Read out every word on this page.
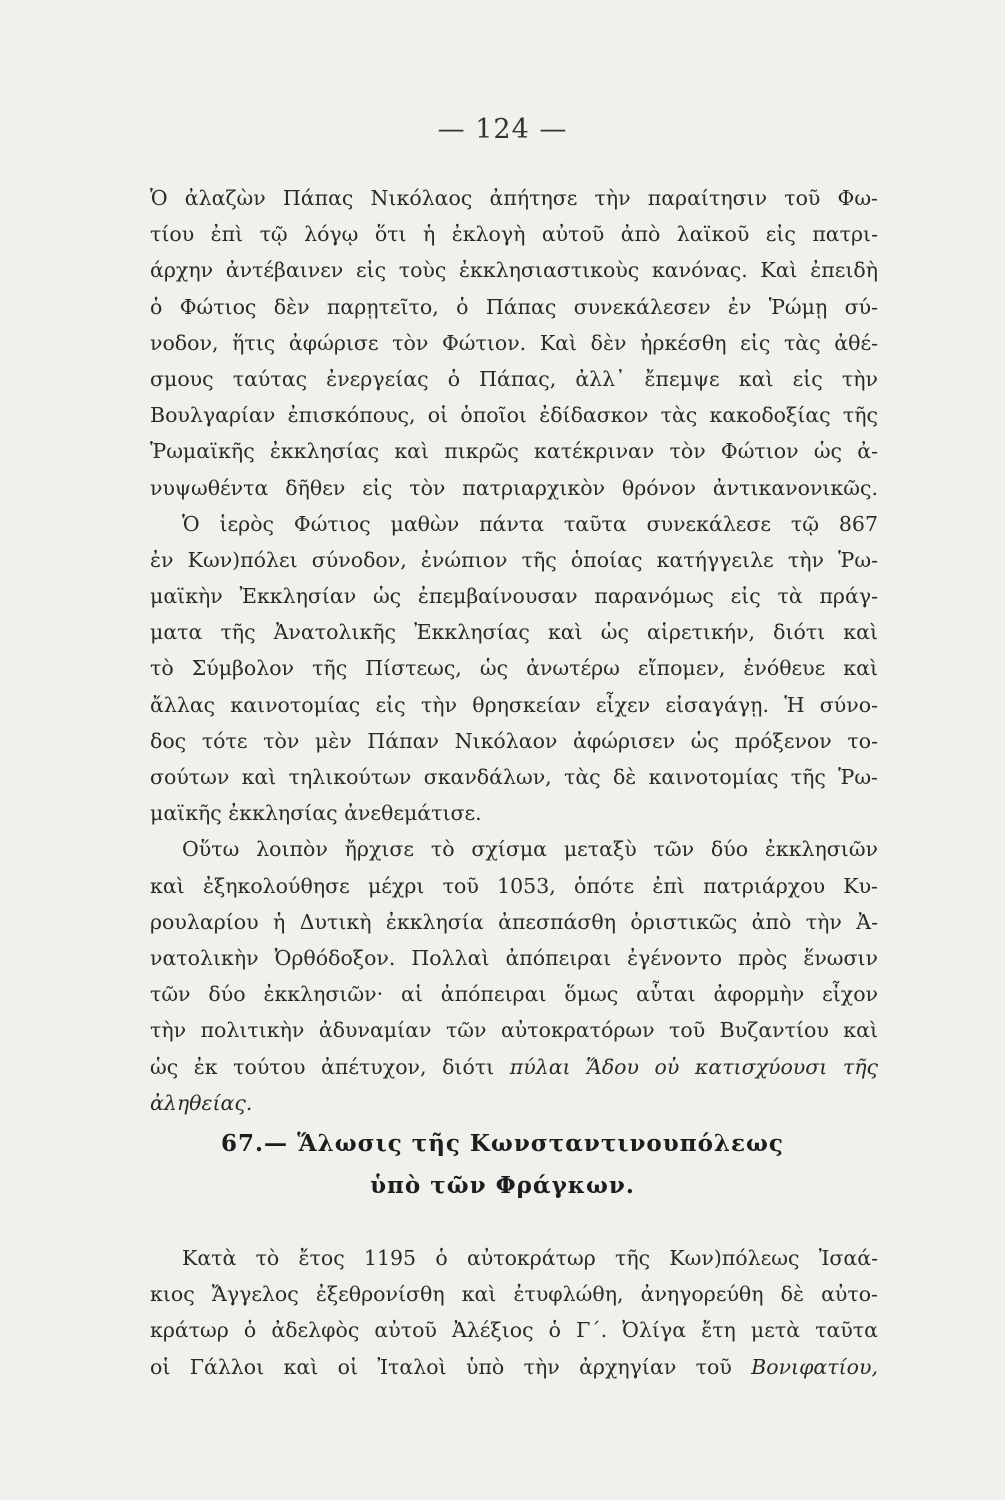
— 124 —
Ὁ ἀλαζὼν Πάπας Νικόλαος ἀπήτησε τὴν παραίτησιν τοῦ Φω-
τίου ἐπὶ τῷ λόγῳ ὅτι ἡ ἐκλογὴ αὐτοῦ ἀπὸ λαϊκοῦ εἰς πατρι-
άρχην ἀντέβαινεν εἰς τοὺς ἐκκλησιαστικοὺς κανόνας. Καὶ ἐπειδὴ
ὁ Φώτιος δὲν παρῃτεῖτο, ὁ Πάπας συνεκάλεσεν ἐν Ῥώμῃ σύ-
νοδον, ἥτις ἀφώρισε τὸν Φώτιον. Καὶ δὲν ἠρκέσθη εἰς τὰς ἀθέ-
σμους ταύτας ἐνεργείας ὁ Πάπας, ἀλλ᾽ ἔπεμψε καὶ εἰς τὴν
Βουλγαρίαν ἐπισκόπους, οἱ ὁποῖοι ἐδίδασκον τὰς κακοδοξίας τῆς
Ῥωμαϊκῆς ἐκκλησίας καὶ πικρῶς κατέκριναν τὸν Φώτιον ὡς ἀ-
νυψωθέντα δῆθεν εἰς τὸν πατριαρχικὸν θρόνον ἀντικανονικῶς.
Ὁ ἱερὸς Φώτιος μαθὼν πάντα ταῦτα συνεκάλεσε τῷ 867
ἐν Κων)πόλει σύνοδον, ἐνώπιον τῆς ὁποίας κατήγγειλε τὴν Ῥω-
μαϊκὴν Ἐκκλησίαν ὡς ἐπεμβαίνουσαν παρανόμως εἰς τὰ πράγ-
ματα τῆς Ἀνατολικῆς Ἐκκλησίας καὶ ὡς αἱρετικήν, διότι καὶ
τὸ Σύμβολον τῆς Πίστεως, ὡς ἀνωτέρω εἴπομεν, ἐνόθευε καὶ
ἄλλας καινοτομίας εἰς τὴν θρησκείαν εἶχεν εἰσαγάγῃ. Ἡ σύνο-
δος τότε τὸν μὲν Πάπαν Νικόλαον ἀφώρισεν ὡς πρόξενον το-
σούτων καὶ τηλικούτων σκανδάλων, τὰς δὲ καινοτομίας τῆς Ῥω-
μαϊκῆς ἐκκλησίας ἀνεθεμάτισε.
Οὕτω λοιπὸν ἤρχισε τὸ σχίσμα μεταξὺ τῶν δύο ἐκκλησιῶν
καὶ ἐξηκολούθησε μέχρι τοῦ 1053, ὁπότε ἐπὶ πατριάρχου Κυ-
ρουλαρίου ἡ Δυτικὴ ἐκκλησία ἀπεσπάσθη ὁριστικῶς ἀπὸ τὴν Ἀ-
νατολικὴν Ὀρθόδοξον. Πολλαὶ ἀπόπειραι ἐγένοντο πρὸς ἕνωσιν
τῶν δύο ἐκκλησιῶν· αἱ ἀπόπειραι ὅμως αὗται ἀφορμὴν εἶχον
τὴν πολιτικὴν ἀδυναμίαν τῶν αὐτοκρατόρων τοῦ Βυζαντίου καὶ
ὡς ἐκ τούτου ἀπέτυχον, διότι πύλαι Ἅδου οὐ κατισχύουσι τῆς
ἀληθείας.
67.— Ἅλωσις τῆς Κωνσταντινουπόλεως
ὑπὸ τῶν Φράγκων.
Κατὰ τὸ ἔτος 1195 ὁ αὐτοκράτωρ τῆς Κων)πόλεως Ἰσαά-
κιος Ἄγγελος ἐξεθρονίσθη καὶ ἐτυφλώθη, ἀνηγορεύθη δὲ αὐτο-
κράτωρ ὁ ἀδελφὸς αὐτοῦ Ἀλέξιος ὁ Γ΄. Ὀλίγα ἔτη μετὰ ταῦτα
οἱ Γάλλοι καὶ οἱ Ἰταλοὶ ὑπὸ τὴν ἀρχηγίαν τοῦ Βονιφατίου,
